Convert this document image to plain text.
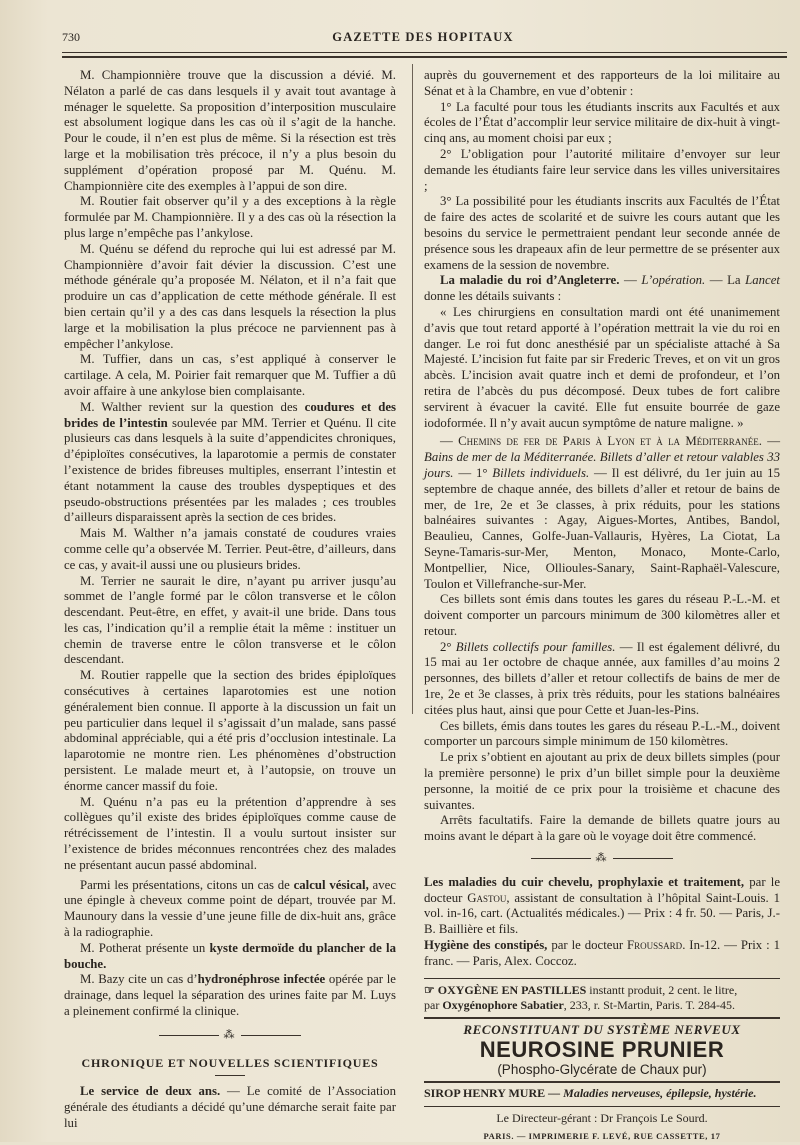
730	GAZETTE DES HOPITAUX

M. Championnière trouve que la discussion a dévié. M. Nélaton a parlé de cas dans lesquels il y avait tout avantage à ménager le squelette. Sa proposition d’interposition musculaire est absolument logique dans les cas où il s’agit de la hanche. Pour le coude, il n’en est plus de même. Si la résection est très large et la mobilisation très précoce, il n’y a plus besoin du supplément d’opération proposé par M. Quénu. M. Championnière cite des exemples à l’appui de son dire.

M. Routier fait observer qu’il y a des exceptions à la règle formulée par M. Championnière. Il y a des cas où la résection la plus large n’empêche pas l’ankylose.

M. Quénu se défend du reproche qui lui est adressé par M. Championnière d’avoir fait dévier la discussion. C’est une méthode générale qu’a proposée M. Nélaton, et il n’a fait que produire un cas d’application de cette méthode générale. Il est bien certain qu’il y a des cas dans lesquels la résection la plus large et la mobilisation la plus précoce ne parviennent pas à empêcher l’ankylose.

M. Tuffier, dans un cas, s’est appliqué à conserver le cartilage. A cela, M. Poirier fait remarquer que M. Tuffier a dû avoir affaire à une ankylose bien complaisante.

M. Walther revient sur la question des coudures et des brides de l’intestin soulevée par MM. Terrier et Quénu. Il cite plusieurs cas dans lesquels à la suite d’appendicites chroniques, d’épiploïtes consécutives, la laparotomie a permis de constater l’existence de brides fibreuses multiples, enserrant l’intestin et étant notamment la cause des troubles dyspeptiques et des pseudo-obstructions présentées par les malades ; ces troubles d’ailleurs disparaissent après la section de ces brides.

Mais M. Walther n’a jamais constaté de coudures vraies comme celle qu’a observée M. Terrier. Peut-être, d’ailleurs, dans ce cas, y avait-il aussi une ou plusieurs brides.

M. Terrier ne saurait le dire, n’ayant pu arriver jusqu’au sommet de l’angle formé par le côlon transverse et le côlon descendant. Peut-être, en effet, y avait-il une bride. Dans tous les cas, l’indication qu’il a remplie était la même : instituer un chemin de traverse entre le côlon transverse et le côlon descendant.

M. Routier rappelle que la section des brides épiploïques consécutives à certaines laparotomies est une notion généralement bien connue. Il apporte à la discussion un fait un peu particulier dans lequel il s’agissait d’un malade, sans passé abdominal appréciable, qui a été pris d’occlusion intestinale. La laparotomie ne montre rien. Les phénomènes d’obstruction persistent. Le malade meurt et, à l’autopsie, on trouve un énorme cancer massif du foie.

M. Quénu n’a pas eu la prétention d’apprendre à ses collègues qu’il existe des brides épiploïques comme cause de rétrécissement de l’intestin. Il a voulu surtout insister sur l’existence de brides méconnues rencontrées chez des malades ne présentant aucun passé abdominal.

Parmi les présentations, citons un cas de calcul vésical, avec une épingle à cheveux comme point de départ, trouvée par M. Maunoury dans la vessie d’une jeune fille de dix-huit ans, grâce à la radiographie.

M. Potherat présente un kyste dermoïde du plancher de la bouche.

M. Bazy cite un cas d’hydronéphrose infectée opérée par le drainage, dans lequel la séparation des urines faite par M. Luys a pleinement confirmé la clinique.

⁂
CHRONIQUE ET NOUVELLES SCIENTIFIQUES

Le service de deux ans. — Le comité de l’Association générale des étudiants a décidé qu’une démarche serait faite par lui

auprès du gouvernement et des rapporteurs de la loi militaire au Sénat et à la Chambre, en vue d’obtenir :

1° La faculté pour tous les étudiants inscrits aux Facultés et aux écoles de l’État d’accomplir leur service militaire de dix-huit à vingt-cinq ans, au moment choisi par eux ;

2° L’obligation pour l’autorité militaire d’envoyer sur leur demande les étudiants faire leur service dans les villes universitaires ;

3° La possibilité pour les étudiants inscrits aux Facultés de l’État de faire des actes de scolarité et de suivre les cours autant que les besoins du service le permettraient pendant leur seconde année de présence sous les drapeaux afin de leur permettre de se présenter aux examens de la session de novembre.

La maladie du roi d’Angleterre. — L’opération. — La Lancet donne les détails suivants :

« Les chirurgiens en consultation mardi ont été unanimement d’avis que tout retard apporté à l’opération mettrait la vie du roi en danger. Le roi fut donc anesthésié par un spécialiste attaché à Sa Majesté. L’incision fut faite par sir Frederic Treves, et on vit un gros abcès. L’incision avait quatre inch et demi de profondeur, et l’on retira de l’abcès du pus décomposé. Deux tubes de fort calibre servirent à évacuer la cavité. Elle fut ensuite bourrée de gaze iodoformée. Il n’y avait aucun symptôme de nature maligne. »

— Chemins de fer de Paris à Lyon et à la Méditerranée. — Bains de mer de la Méditerranée. Billets d’aller et retour valables 33 jours. — 1° Billets individuels. — Il est délivré, du 1er juin au 15 septembre de chaque année, des billets d’aller et retour de bains de mer, de 1re, 2e et 3e classes, à prix réduits, pour les stations balnéaires suivantes : Agay, Aigues-Mortes, Antibes, Bandol, Beaulieu, Cannes, Golfe-Juan-Vallauris, Hyères, La Ciotat, La Seyne-Tamaris-sur-Mer, Menton, Monaco, Monte-Carlo, Montpellier, Nice, Ollioules-Sanary, Saint-Raphaël-Valescure, Toulon et Villefranche-sur-Mer.

Ces billets sont émis dans toutes les gares du réseau P.-L.-M. et doivent comporter un parcours minimum de 300 kilomètres aller et retour.

2° Billets collectifs pour familles. — Il est également délivré, du 15 mai au 1er octobre de chaque année, aux familles d’au moins 2 personnes, des billets d’aller et retour collectifs de bains de mer de 1re, 2e et 3e classes, à prix très réduits, pour les stations balnéaires citées plus haut, ainsi que pour Cette et Juan-les-Pins.

Ces billets, émis dans toutes les gares du réseau P.-L.-M., doivent comporter un parcours simple minimum de 150 kilomètres.

Le prix s’obtient en ajoutant au prix de deux billets simples (pour la première personne) le prix d’un billet simple pour la deuxième personne, la moitié de ce prix pour la troisième et chacune des suivantes.

Arrêts facultatifs. Faire la demande de billets quatre jours au moins avant le départ à la gare où le voyage doit être commencé.

⁂

Les maladies du cuir chevelu, prophylaxie et traitement, par le docteur Gastou, assistant de consultation à l’hôpital Saint-Louis. 1 vol. in-16, cart. (Actualités médicales.) — Prix : 4 fr. 50. — Paris, J.-B. Baillière et fils.

Hygiène des constipés, par le docteur Froussard. In-12. — Prix : 1 franc. — Paris, Alex. Coccoz.

☞ OXYGÈNE EN PASTILLES instantt produit, 2 cent. le litre,
par Oxygénophore Sabatier, 233, r. St-Martin, Paris. T. 284-45.
RECONSTITUANT DU SYSTÈME NERVEUX
NEUROSINE PRUNIER
(Phospho-Glycérate de Chaux pur)
SIROP HENRY MURE — Maladies nerveuses, épilepsie, hystérie.
Le Directeur-gérant : Dr François Le Sourd.
PARIS. — IMPRIMERIE F. LEVÉ, RUE CASSETTE, 17
